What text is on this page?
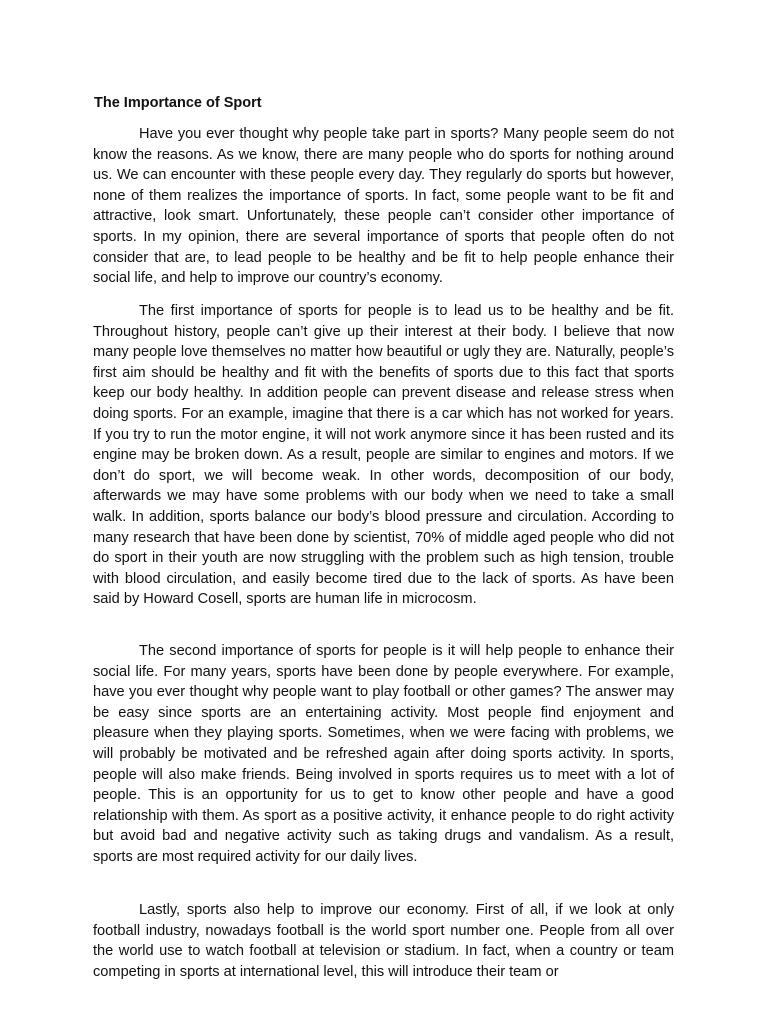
The Importance of Sport

Have you ever thought why people take part in sports? Many people seem do not know the reasons. As we know, there are many people who do sports for nothing around us. We can encounter with these people every day. They regularly do sports but however, none of them realizes the importance of sports. In fact, some people want to be fit and attractive, look smart. Unfortunately, these people can’t consider other importance of sports. In my opinion, there are several importance of sports that people often do not consider that are, to lead people to be healthy and be fit to help people enhance their social life, and help to improve our country’s economy.

The first importance of sports for people is to lead us to be healthy and be fit. Throughout history, people can’t give up their interest at their body. I believe that now many people love themselves no matter how beautiful or ugly they are. Naturally, people’s first aim should be healthy and fit with the benefits of sports due to this fact that sports keep our body healthy. In addition people can prevent disease and release stress when doing sports. For an example, imagine that there is a car which has not worked for years. If you try to run the motor engine, it will not work anymore since it has been rusted and its engine may be broken down. As a result, people are similar to engines and motors. If we don’t do sport, we will become weak. In other words, decomposition of our body, afterwards we may have some problems with our body when we need to take a small walk. In addition, sports balance our body’s blood pressure and circulation. According to many research that have been done by scientist, 70% of middle aged people who did not do sport in their youth are now struggling with the problem such as high tension, trouble with blood circulation, and easily become tired due to the lack of sports. As have been said by Howard Cosell, sports are human life in microcosm.

The second importance of sports for people is it will help people to enhance their social life. For many years, sports have been done by people everywhere. For example, have you ever thought why people want to play football or other games? The answer may be easy since sports are an entertaining activity. Most people find enjoyment and pleasure when they playing sports. Sometimes, when we were facing with problems, we will probably be motivated and be refreshed again after doing sports activity. In sports, people will also make friends. Being involved in sports requires us to meet with a lot of people. This is an opportunity for us to get to know other people and have a good relationship with them. As sport as a positive activity, it enhance people to do right activity but avoid bad and negative activity such as taking drugs and vandalism. As a result, sports are most required activity for our daily lives.

Lastly, sports also help to improve our economy. First of all, if we look at only football industry, nowadays football is the world sport number one. People from all over the world use to watch football at television or stadium. In fact, when a country or team competing in sports at international level, this will introduce their team or
